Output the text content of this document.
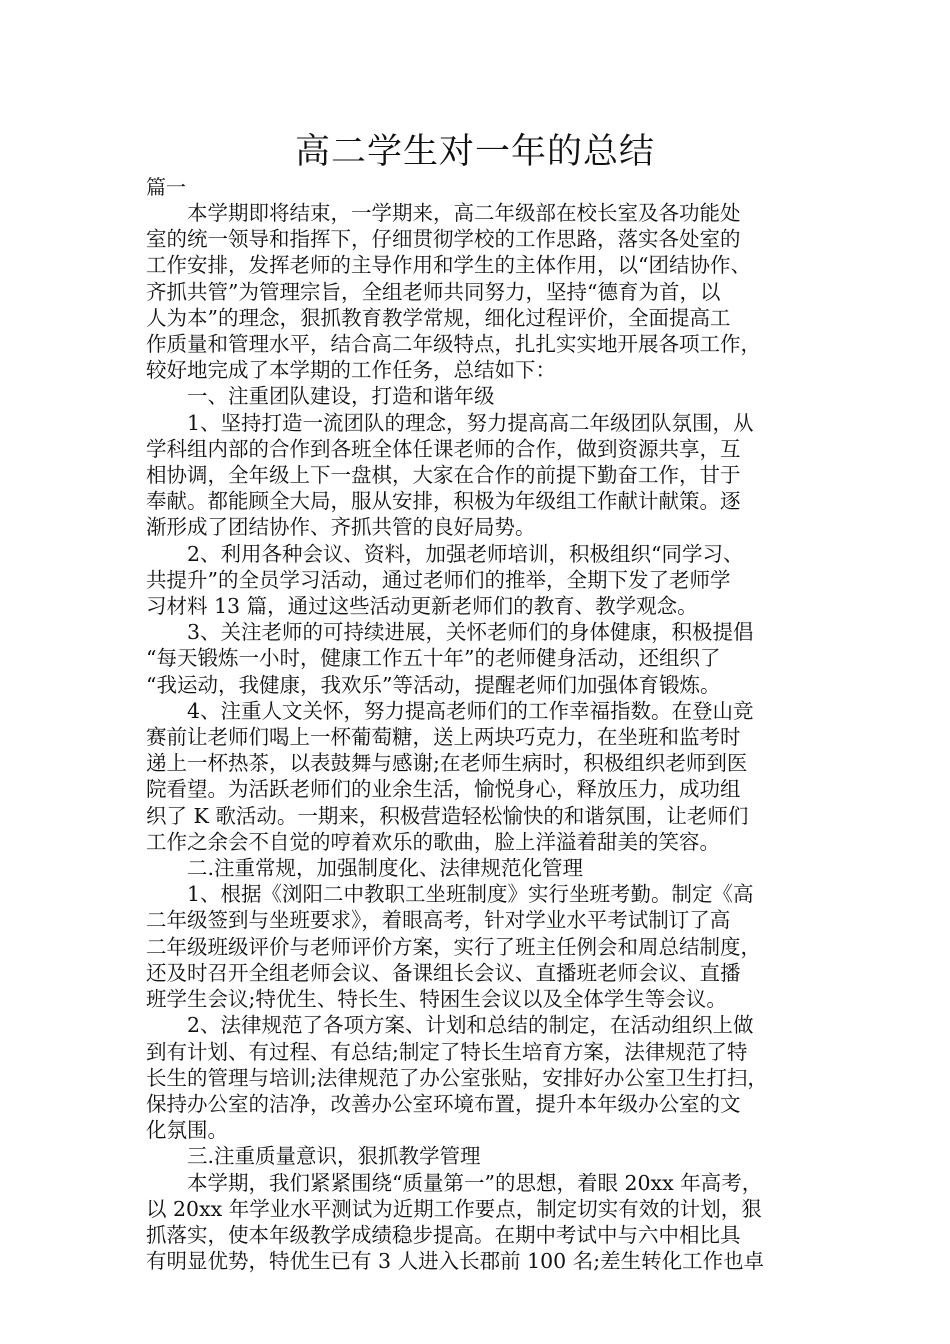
高二学生对一年的总结
篇一
本学期即将结束，一学期来，高二年级部在校长室及各功能处
室的统一领导和指挥下，仔细贯彻学校的工作思路，落实各处室的
工作安排，发挥老师的主导作用和学生的主体作用，以“团结协作、
齐抓共管”为管理宗旨，全组老师共同努力，坚持“德育为首，以
人为本”的理念，狠抓教育教学常规，细化过程评价，全面提高工
作质量和管理水平，结合高二年级特点，扎扎实实地开展各项工作，
较好地完成了本学期的工作任务，总结如下：
一、注重团队建设，打造和谐年级
1、坚持打造一流团队的理念，努力提高高二年级团队氛围，从
学科组内部的合作到各班全体任课老师的合作，做到资源共享，互
相协调，全年级上下一盘棋，大家在合作的前提下勤奋工作，甘于
奉献。都能顾全大局，服从安排，积极为年级组工作献计献策。逐
渐形成了团结协作、齐抓共管的良好局势。
2、利用各种会议、资料，加强老师培训，积极组织“同学习、
共提升”的全员学习活动，通过老师们的推举，全期下发了老师学
习材料 13 篇，通过这些活动更新老师们的教育、教学观念。
3、关注老师的可持续进展，关怀老师们的身体健康，积极提倡
“每天锻炼一小时，健康工作五十年”的老师健身活动，还组织了
“我运动，我健康，我欢乐”等活动，提醒老师们加强体育锻炼。
4、注重人文关怀，努力提高老师们的工作幸福指数。在登山竞
赛前让老师们喝上一杯葡萄糖，送上两块巧克力，在坐班和监考时
递上一杯热茶，以表鼓舞与感谢;在老师生病时，积极组织老师到医
院看望。为活跃老师们的业余生活，愉悦身心，释放压力，成功组
织了 K 歌活动。一期来，积极营造轻松愉快的和谐氛围，让老师们
工作之余会不自觉的哼着欢乐的歌曲，脸上洋溢着甜美的笑容。
二.注重常规，加强制度化、法律规范化管理
1、根据《浏阳二中教职工坐班制度》实行坐班考勤。制定《高
二年级签到与坐班要求》，着眼高考，针对学业水平考试制订了高
二年级班级评价与老师评价方案，实行了班主任例会和周总结制度，
还及时召开全组老师会议、备课组长会议、直播班老师会议、直播
班学生会议;特优生、特长生、特困生会议以及全体学生等会议。
2、法律规范了各项方案、计划和总结的制定，在活动组织上做
到有计划、有过程、有总结;制定了特长生培育方案，法律规范了特
长生的管理与培训;法律规范了办公室张贴，安排好办公室卫生打扫，
保持办公室的洁净，改善办公室环境布置，提升本年级办公室的文
化氛围。
三.注重质量意识，狠抓教学管理
本学期，我们紧紧围绕“质量第一”的思想，着眼 20xx 年高考，
以 20xx 年学业水平测试为近期工作要点，制定切实有效的计划，狠
抓落实，使本年级教学成绩稳步提高。在期中考试中与六中相比具
有明显优势，特优生已有 3 人进入长郡前 100 名;差生转化工作也卓
